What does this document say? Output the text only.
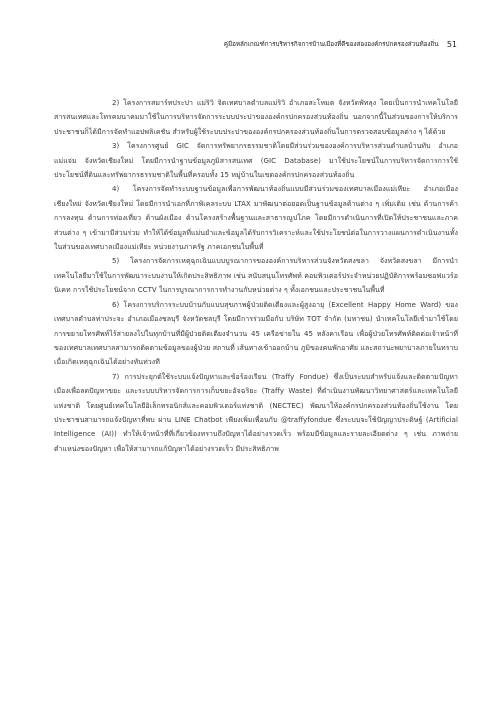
คู่มือหลักเกณฑ์การบริหารกิจการบ้านเมืองที่ดีของสององค์กรปกครองส่วนท้องถิ่น 51

2) โครงการสมาร์ทประปา แม่ริวิ จิตเทศบาลตำบลแม่ริวิ อำเภอสะโหมด จังหวัดพัทลุง โดยเป็นการนำเทคโนโลยีสารสนเทศและโทรคมนาคมมาใช้ในการบริหารจัดการระบบประปาขององค์กรปกครองส่วนท้องถิ่น นอกจากนี้ในส่วนของการให้บริการประชาชนก็ได้มีการจัดทำแอปพลิเคชัน สำหรับผู้ใช้ระบบประปาขององค์กรปกครองส่วนท้องถิ่นในการตรวจสอบข้อมูลต่าง ๆ ได้ด้วย

3) โครงการศูนย์ GIC จัดการทรัพยากรธรรมชาติโดยมีส่วนร่วมขององค์การบริหารส่วนตำบลบ้านทับ อำเภอแม่แจ่ม จังหวัดเชียงใหม่ โดยมีการนำฐานข้อมูลภูมิสารสนเทศ (GIC Database) มาใช้ประโยชน์ในการบริหารจัดการการใช้ประโยชน์ที่ดินและทรัพยากรธรรมชาติในพื้นที่ครอบทั้ง 15 หมู่บ้านในเขตองค์กรปกครองส่วนท้องถิ่น

4) โครงการจัดทำระบบฐานข้อมูลเพื่อการพัฒนาท้องถิ่นแบบมีส่วนร่วมของเทศบาลเมืองแม่เหียะ อำเภอเมืองเชียงใหม่ จังหวัดเชียงใหม่ โดยมีการนำเอกที่ภาพิเคลระบบ LTAX มาพัฒนาต่อยอดเป็นฐานข้อมูลด้านต่าง ๆ เพิ่มเติม เช่น ด้านการค้าการลงทุน ด้านการท่องเที่ยว ด้านผังเมือง ด้านโครงสร้างพื้นฐานและสาธารณูปโภค โดยมีการดำเนินการที่เปิดให้ประชาชนและภาคส่วนต่าง ๆ เข้ามามีส่วนร่วม ทำให้ได้ข้อมูลที่แม่นยำและข้อมูลได้รับการวิเคราะห์และใช้ประโยชน์ต่อในการวางแผนการดำเนินงานทั้งในส่วนของเทศบาลเมืองแม่เหียะ หน่วยงานภาครัฐ ภาคเอกชนในพื้นที่

5) โครงการจัดการเหตุฉุกเฉินแบบบูรณาการขององค์การบริหารส่วนจังหวัดสงขลา จังหวัดสงขลา มีการนำเทคโนโลยีมาใช้ในการพัฒนาระบบงานให้เกิดประสิทธิภาพ เช่น สนับสนุนโทรศัพท์ คอมพิวเตอร์ประจำหน่วยปฏิบัติการพร้อมซอฟแวร์อนิเคท การใช้ประโยชน์จาก CCTV ในการบูรณาการการทำงานกับหน่วยต่าง ๆ ทั้งเอกชนและประชาชนในพื้นที่

6) โครงการบริการระบบบ้านกับแบบสุขภาพผู้ป่วยติดเตียงและผู้สูงอายุ (Excellent Happy Home Ward) ของเทศบาลตำบลท่าประจะ อำเภอเมืองชลบุรี จังหวัดชลบุรี โดยมีการร่วมมือกับ บริษัท TOT จำกัด (มหาชน) นำเทคโนโลยีเข้ามาใช้โดยการขยายโทรศัพท์ไร้สายลงไปในทุกบ้านที่มีผู้ป่วยติดเตียงจำนวน 45 เครือข่ายใน 45 หลังคาเรือน เพื่อผู้ป่วยโทรศัพท์ติดต่อเจ้าหน้าที่ของเทศบาลเทศบาลสามารถติดตามข้อมูลของผู้ป่วย สถานที่ เส้นทางเข้าออกบ้าน ภูมิของคนพักอาศัย และสถานะพยาบาลภายในทราบเมื่อเกิดเหตุฉุกเฉินได้อย่างทันท่วงที

7) การประยุกต์ใช้ระบบแจ้งปัญหาและข้อร้องเรียน (Traffy Fondue) ซึ่งเป็นระบบสำหรับแจ้งและติดตามปัญหาเมืองเพื่อลดปัญหาขยะ และระบบบริหารจัดการการเก็บขยะอัจฉริยะ (Traffy Waste) ที่ดำเนินงานพัฒนาวิทยาศาสตร์และเทคโนโลยีแห่งชาติ โดยศูนย์เทคโนโลยีอิเล็กทรอนิกส์และคอมพิวเตอร์แห่งชาติ (NECTEC) พัฒนาให้องค์กรปกครองส่วนท้องถิ่นใช้งาน โดยประชาชนสามารถแจ้งปัญหาที่พบ ผ่าน LINE Chatbot เพียงเพิ่มเพื่อนกับ @traffyfondue ซึ่งระบบจะใช้ปัญญาประดิษฐ์ (Artificial Intelligence (AI)) ทำให้เจ้าหน้าที่ที่เกี่ยวข้องทราบถึงปัญหาได้อย่างรวดเร็ว พร้อมมีข้อมูลและรายละเอียดต่าง ๆ เช่น ภาพถ่าย ตำแหน่งของปัญหา เพื่อให้สามารถแก้ปัญหาได้อย่างรวดเร็ว มีประสิทธิภาพ
